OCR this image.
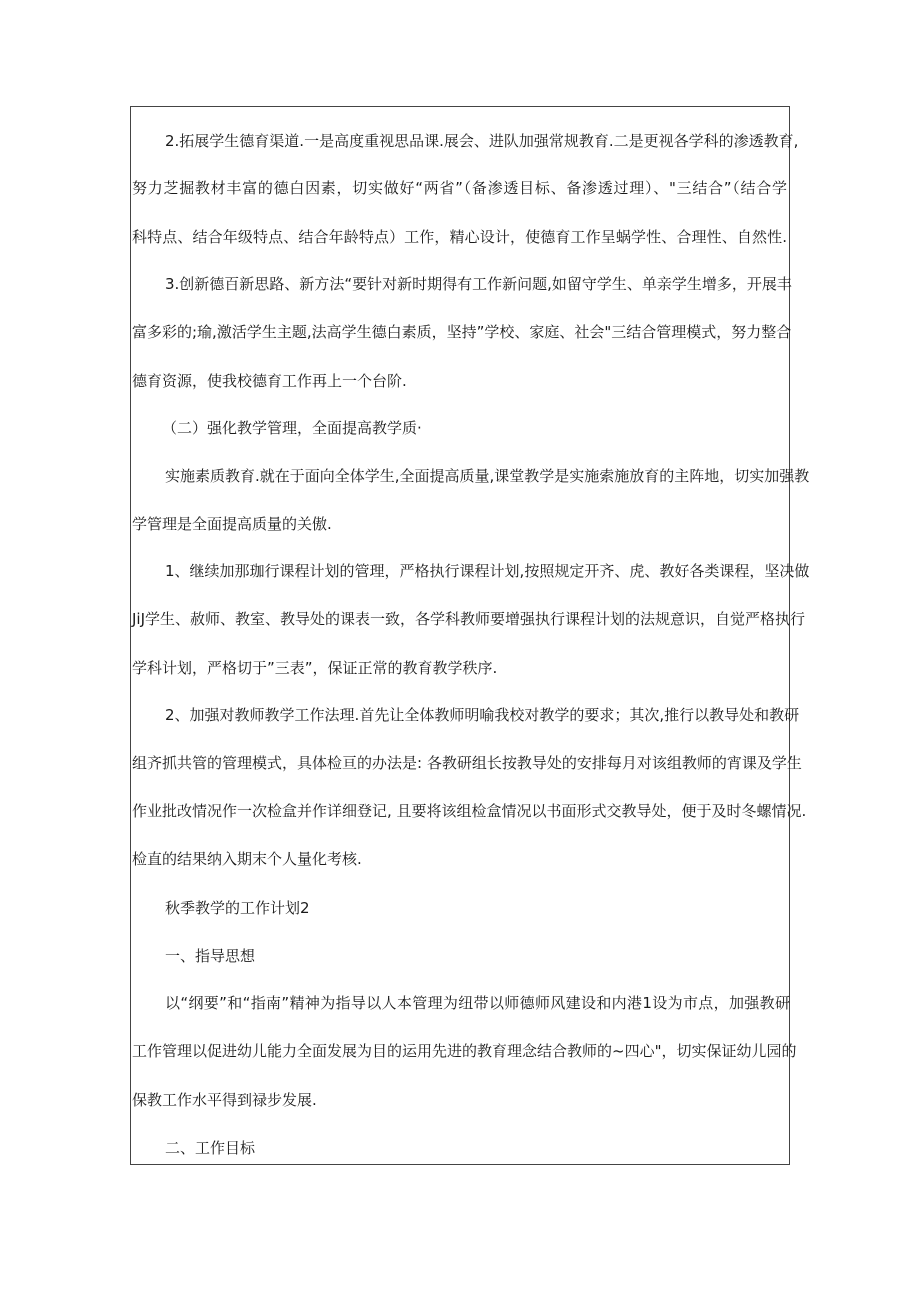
2.拓展学生德育渠道.一是高度重视思品课.展会、进队加强常规教育.二是更视各学科的渗透教育,
努力芝掘教材丰富的德白因素，切实做好“两省”（备渗透目标、备渗透过理）、"三结合”（结合学
科特点、结合年级特点、结合年龄特点）工作，精心设计，使德育工作呈蜗学性、合理性、自然性.
3.创新德百新思路、新方法“要针对新时期得有工作新问题,如留守学生、单亲学生增多，开展丰
富多彩的;瑜,激活学生主题,法高学生德白素质，坚持”学校、家庭、社会"三结合管理模式，努力整合
德育资源，使我校德育工作再上一个台阶.
（二）强化教学管理，全面提高教学质·
实施素质教育.就在于面向全体学生,全面提高质量,课堂教学是实施索施放育的主阵地，切实加强教
学管理是全面提高质量的关傲.
1、继续加那珈行课程计划的管理，严格执行课程计划,按照规定开齐、虎、教好各类课程，坚决做
JiJ学生、赦师、教室、教导处的课表一致，各学科教师要增强执行课程计划的法规意识，自觉严格执行
学科计划，严格切于”三表”，保证正常的教育教学秩序.
2、加强对教师教学工作法理.首先让全体教师明喻我校对教学的要求；其次,推行以教导处和教研
组齐抓共管的管理模式，具体检亘的办法是: 各教研组长按教导处的安排每月对该组教师的宵课及学生
作业批改情况作一次检盒并作详细登记, 且要将该组检盒情况以书面形式交教导处，便于及时冬螺情况.
检直的结果纳入期末个人量化考核.
秋季教学的工作计划2
一、指导思想
以“纲要”和“指南”精神为指导以人本管理为纽带以师德师风建设和内港1设为市点，加强教研
工作管理以促进幼儿能力全面发展为目的运用先进的教育理念结合教师的~四心"，切实保证幼儿园的
保教工作水平得到禄步发展.
二、工作目标
